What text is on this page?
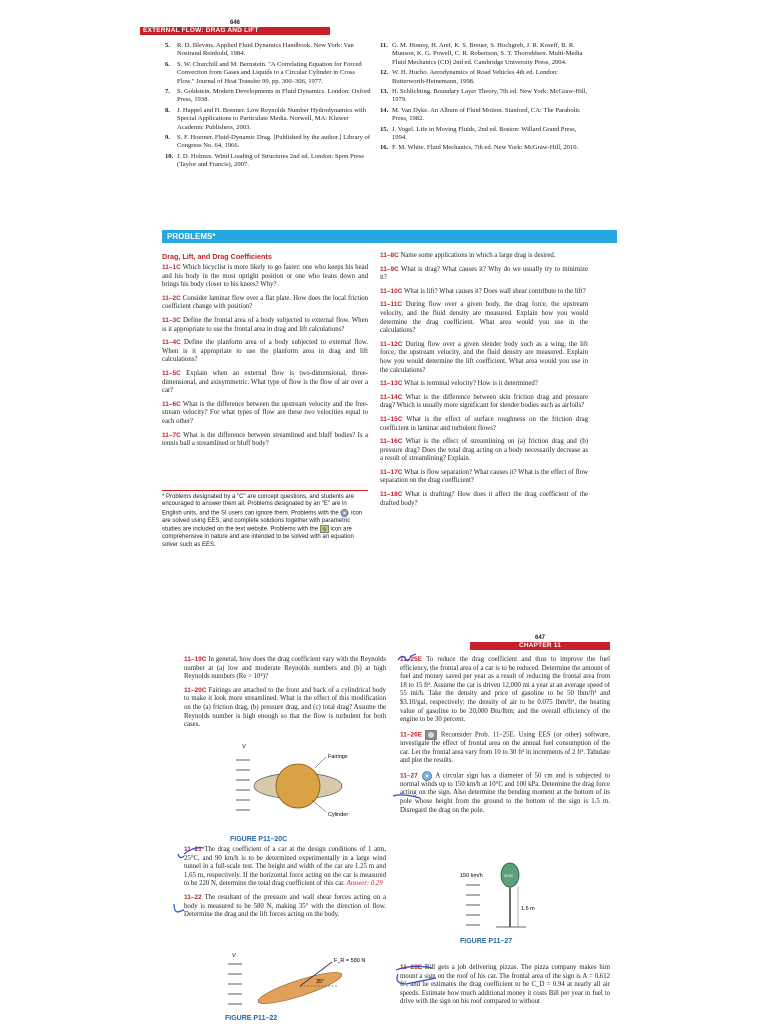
646
EXTERNAL FLOW: DRAG AND LIFT
5. R. D. Blevins. Applied Fluid Dynamics Handbook. New York: Van Nostrand Reinhold, 1984.
6. S. W. Churchill and M. Bernstein. "A Correlating Equation for Forced Convection from Gases and Liquids to a Circular Cylinder in Cross Flow." Journal of Heat Transfer 99, pp. 300–306, 1977.
7. S. Goldstein. Modern Developments in Fluid Dynamics. London: Oxford Press, 1938.
8. J. Happel and H. Brenner. Low Reynolds Number Hydrodynamics with Special Applications to Particulate Media. Norwell, MA: Kluwer Academic Publishers, 2003.
9. S. F. Hoerner. Fluid-Dynamic Drag. [Published by the author.] Library of Congress No. 64, 1966.
10. J. D. Holmes. Wind Loading of Structures 2nd ed. London: Spon Press (Taylor and Francis), 2007.
11. G. M. Homsy, H. Aref, K. S. Breuer, S. Hochgreb, J. R. Koseff, B. R. Munson, K. G. Powell, C. R. Robertson, S. T. Thoroddsen. Multi-Media Fluid Mechanics (CD) 2nd ed. Cambridge University Press, 2004.
12. W. H. Hucho. Aerodynamics of Road Vehicles 4th ed. London: Butterworth-Heinemann, 1998.
13. H. Schlichting. Boundary Layer Theory, 7th ed. New York: McGraw-Hill, 1979.
14. M. Van Dyke. An Album of Fluid Motion. Stanford, CA: The Parabolic Press, 1982.
15. J. Vogel. Life in Moving Fluids, 2nd ed. Boston: Willard Grand Press, 1994.
16. F. M. White. Fluid Mechanics, 7th ed. New York: McGraw-Hill, 2010.
PROBLEMS*
Drag, Lift, and Drag Coefficients
11–1C Which bicyclist is more likely to go faster: one who keeps his head and his body in the most upright position or one who leans down and brings his body closer to his knees? Why?
11–2C Consider laminar flow over a flat plate. How does the local friction coefficient change with position?
11–3C Define the frontal area of a body subjected to external flow. When is it appropriate to use the frontal area in drag and lift calculations?
11–4C Define the planform area of a body subjected to external flow. When is it appropriate to use the planform area in drag and lift calculations?
11–5C Explain when an external flow is two-dimensional, three-dimensional, and axisymmetric. What type of flow is the flow of air over a car?
11–6C What is the difference between the upstream velocity and the free-stream velocity? For what types of flow are these two velocities equal to each other?
11–7C What is the difference between streamlined and bluff bodies? Is a tennis ball a streamlined or bluff body?
* Problems designated by a "C" are concept questions, and students are encouraged to answer them all. Problems designated by an "E" are in English units, and the SI users can ignore them. Problems with the icon are solved using EES, and complete solutions together with parametric studies are included on the text website. Problems with the icon are comprehensive in nature and are intended to be solved with an equation solver such as EES.
11–8C Name some applications in which a large drag is desired.
11–9C What is drag? What causes it? Why do we usually try to minimize it?
11–10C What is lift? What causes it? Does wall shear contribute to the lift?
11–11C During flow over a given body, the drag force, the upstream velocity, and the fluid density are measured. Explain how you would determine the drag coefficient. What area would you use in the calculations?
11–12C During flow over a given slender body such as a wing, the lift force, the upstream velocity, and the fluid density are measured. Explain how you would determine the lift coefficient. What area would you use in the calculations?
11–13C What is terminal velocity? How is it determined?
11–14C What is the difference between skin friction drag and pressure drag? Which is usually more significant for slender bodies such as airfoils?
11–15C What is the effect of surface roughness on the friction drag coefficient in laminar and turbulent flows?
11–16C What is the effect of streamlining on (a) friction drag and (b) pressure drag? Does the total drag acting on a body necessarily decrease as a result of streamlining? Explain.
11–17C What is flow separation? What causes it? What is the effect of flow separation on the drag coefficient?
11–18C What is drafting? How does it affect the drag coefficient of the drafted body?
647
CHAPTER 11
11–19C In general, how does the drag coefficient vary with the Reynolds number at (a) low and moderate Reynolds numbers and (b) at high Reynolds numbers (Re > 10⁴)?
11–20C Fairings are attached to the front and back of a cylindrical body to make it look more streamlined. What is the effect of this modification on the (a) friction drag, (b) pressure drag, and (c) total drag? Assume the Reynolds number is high enough so that the flow is turbulent for both cases.
V
Fairings
Cylinder
FIGURE P11–20C
11–21 The drag coefficient of a car at the design conditions of 1 atm, 25°C, and 90 km/h is to be determined experimentally in a large wind tunnel in a full-scale test. The height and width of the car are 1.25 m and 1.65 m, respectively. If the horizontal force acting on the car is measured to be 220 N, determine the total drag coefficient of this car. Answer: 0.29
11–22 The resultant of the pressure and wall shear forces acting on a body is measured to be 580 N, making 35° with the direction of flow. Determine the drag and the lift forces acting on the body.
V
F_R = 580 N
35°
FIGURE P11–22
11–25E To reduce the drag coefficient and thus to improve the fuel efficiency, the frontal area of a car is to be reduced. Determine the amount of fuel and money saved per year as a result of reducing the frontal area from 18 to 15 ft². Assume the car is driven 12,000 mi a year at an average speed of 55 mi/h. Take the density and price of gasoline to be 50 lbm/ft³ and $3.10/gal, respectively; the density of air to be 0.075 lbm/ft³, the heating value of gasoline to be 20,000 Btu/lbm; and the overall efficiency of the engine to be 30 percent.
11–26E	Reconsider Prob. 11–25E. Using EES (or other) software, investigate the effect of frontal area on the annual fuel consumption of the car. Let the frontal area vary from 10 to 30 ft² in increments of 2 ft². Tabulate and plot the results.
11–27	A circular sign has a diameter of 50 cm and is subjected to normal winds up to 150 km/h at 10°C and 100 kPa. Determine the drag force acting on the sign. Also determine the bending moment at the bottom of its pole whose height from the ground to the bottom of the sign is 1.5 m. Disregard the drag on the pole.
150 km/h	SIGN
1.5 m
FIGURE P11–27
11–28E Bill gets a job delivering pizzas. The pizza company makes him mount a sign on the roof of his car. The frontal area of the sign is A = 0.612 ft², and he estimates the drag coefficient to be C_D = 0.94 at nearly all air speeds. Estimate how much additional money it costs Bill per year in fuel to drive with the sign on his roof compared to without
